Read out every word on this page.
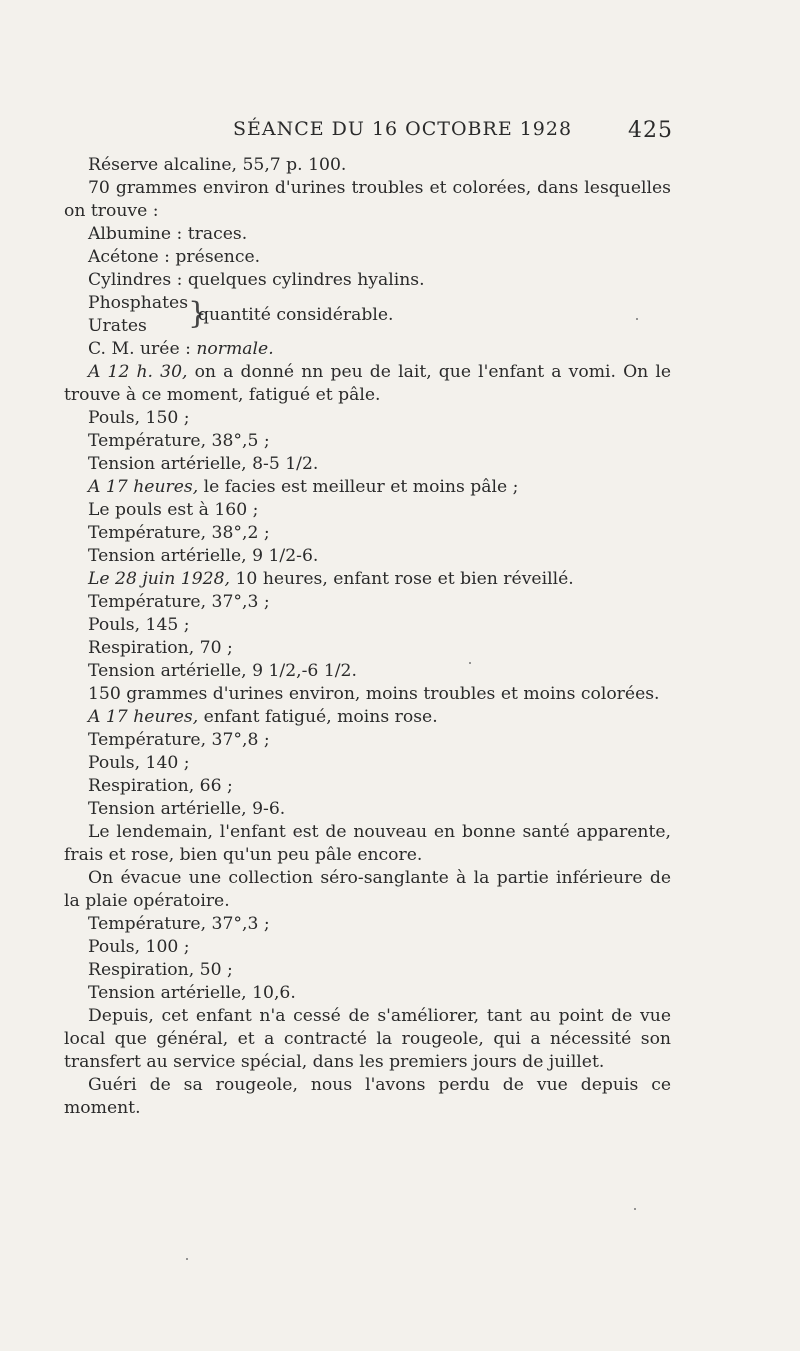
SÉANCE DU 16 OCTOBRE 1928	425

Réserve alcaline, 55,7 p. 100.

70 grammes environ d'urines troubles et colorées, dans lesquelles on trouve :

Albumine : traces.

Acétone : présence.

Cylindres : quelques cylindres hyalins.

Phosphates
Urates }
quantité considérable.

C. M. urée : normale.

A 12 h. 30, on a donné nn peu de lait, que l'enfant a vomi. On le trouve à ce moment, fatigué et pâle.

Pouls, 150 ;

Température, 38°,5 ;

Tension artérielle, 8-5 1/2.

A 17 heures, le facies est meilleur et moins pâle ;

Le pouls est à 160 ;

Température, 38°,2 ;

Tension artérielle, 9 1/2-6.

Le 28 juin 1928, 10 heures, enfant rose et bien réveillé.

Température, 37°,3 ;

Pouls, 145 ;

Respiration, 70 ;

Tension artérielle, 9 1/2,-6 1/2.

150 grammes d'urines environ, moins troubles et moins colorées.

A 17 heures, enfant fatigué, moins rose.

Température, 37°,8 ;

Pouls, 140 ;

Respiration, 66 ;

Tension artérielle, 9-6.

Le lendemain, l'enfant est de nouveau en bonne santé apparente, frais et rose, bien qu'un peu pâle encore.

On évacue une collection séro-sanglante à la partie inférieure de la plaie opératoire.

Température, 37°,3 ;

Pouls, 100 ;

Respiration, 50 ;

Tension artérielle, 10,6.

Depuis, cet enfant n'a cessé de s'améliorer, tant au point de vue local que général, et a contracté la rougeole, qui a nécessité son transfert au service spécial, dans les premiers jours de juillet.

Guéri de sa rougeole, nous l'avons perdu de vue depuis ce moment.
